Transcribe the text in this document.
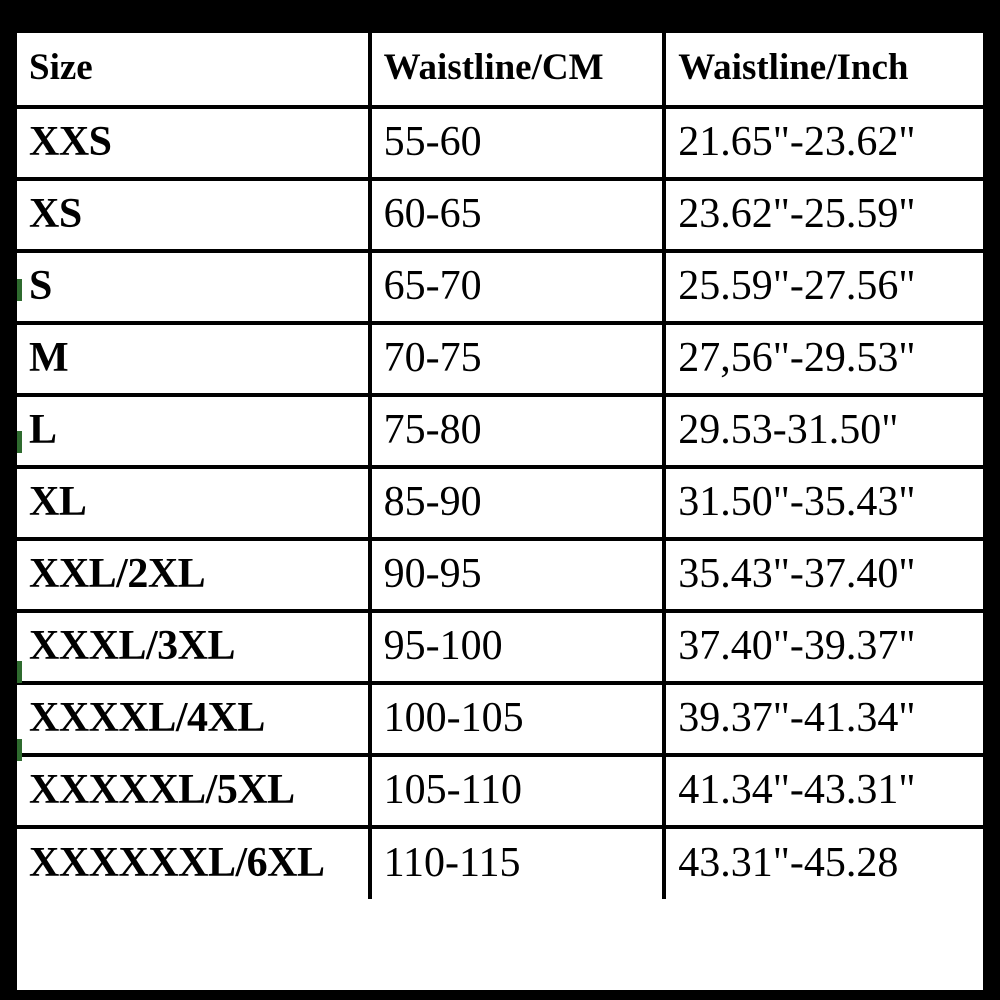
Size	Waistline/CM	Waistline/Inch
XXS	55-60	21.65"-23.62"
XS	60-65	23.62"-25.59"
S	65-70	25.59"-27.56"
M	70-75	27,56"-29.53"
L	75-80	29.53-31.50"
XL	85-90	31.50"-35.43"
XXL/2XL	90-95	35.43"-37.40"
XXXL/3XL	95-100	37.40"-39.37"
XXXXL/4XL	100-105	39.37"-41.34"
XXXXXL/5XL	105-110	41.34"-43.31"
XXXXXXL/6XL	110-115	43.31"-45.28
